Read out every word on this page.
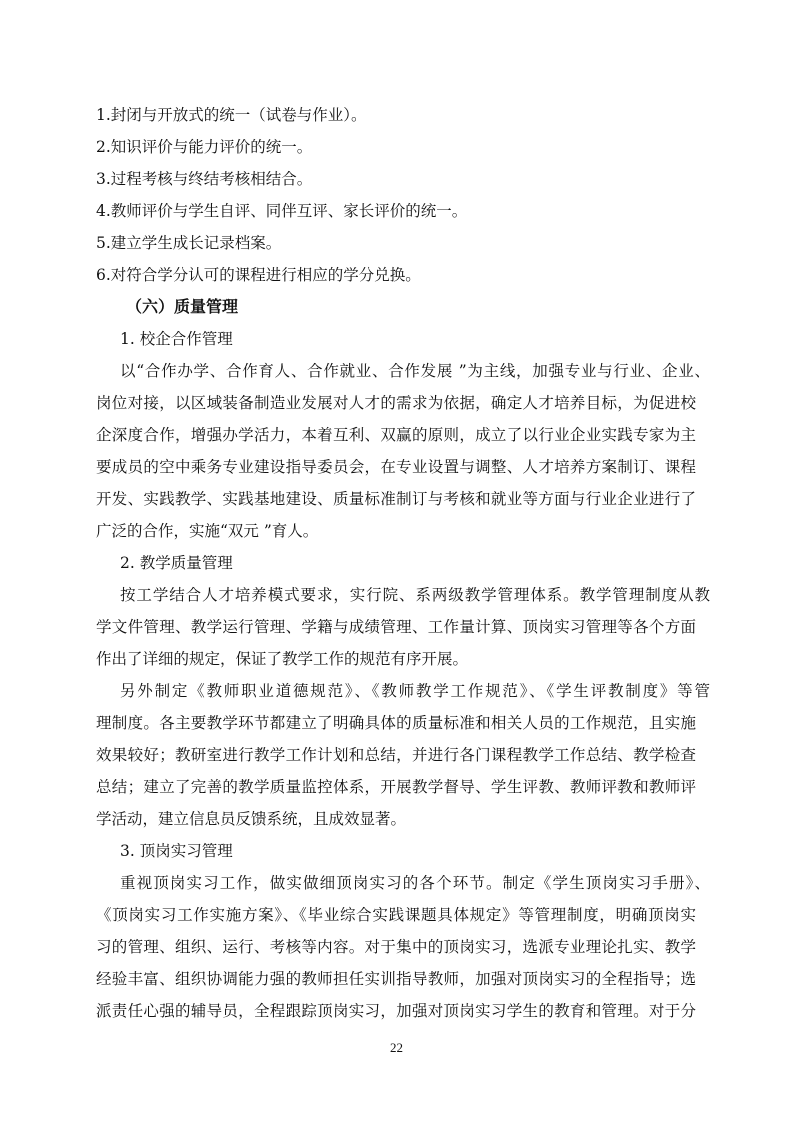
1.封闭与开放式的统一（试卷与作业）。

2.知识评价与能力评价的统一。

3.过程考核与终结考核相结合。

4.教师评价与学生自评、同伴互评、家长评价的统一。

5.建立学生成长记录档案。

6.对符合学分认可的课程进行相应的学分兑换。

（六）质量管理

1. 校企合作管理

以“合作办学、合作育人、合作就业、合作发展 ”为主线，加强专业与行业、企业、

岗位对接，以区域装备制造业发展对人才的需求为依据，确定人才培养目标，为促进校

企深度合作，增强办学活力，本着互利、双赢的原则，成立了以行业企业实践专家为主

要成员的空中乘务专业建设指导委员会，在专业设置与调整、人才培养方案制订、课程

开发、实践教学、实践基地建设、质量标准制订与考核和就业等方面与行业企业进行了

广泛的合作，实施“双元 ”育人。

2. 教学质量管理

按工学结合人才培养模式要求，实行院、系两级教学管理体系。教学管理制度从教

学文件管理、教学运行管理、学籍与成绩管理、工作量计算、顶岗实习管理等各个方面

作出了详细的规定，保证了教学工作的规范有序开展。

另外制定《教师职业道德规范》、《教师教学工作规范》、《学生评教制度》等管

理制度。各主要教学环节都建立了明确具体的质量标准和相关人员的工作规范，且实施

效果较好；教研室进行教学工作计划和总结，并进行各门课程教学工作总结、教学检查

总结；建立了完善的教学质量监控体系，开展教学督导、学生评教、教师评教和教师评

学活动，建立信息员反馈系统，且成效显著。

3. 顶岗实习管理

重视顶岗实习工作，做实做细顶岗实习的各个环节。制定《学生顶岗实习手册》、

《顶岗实习工作实施方案》、《毕业综合实践课题具体规定》等管理制度，明确顶岗实

习的管理、组织、运行、考核等内容。对于集中的顶岗实习，选派专业理论扎实、教学

经验丰富、组织协调能力强的教师担任实训指导教师，加强对顶岗实习的全程指导；选

派责任心强的辅导员，全程跟踪顶岗实习，加强对顶岗实习学生的教育和管理。对于分

22
